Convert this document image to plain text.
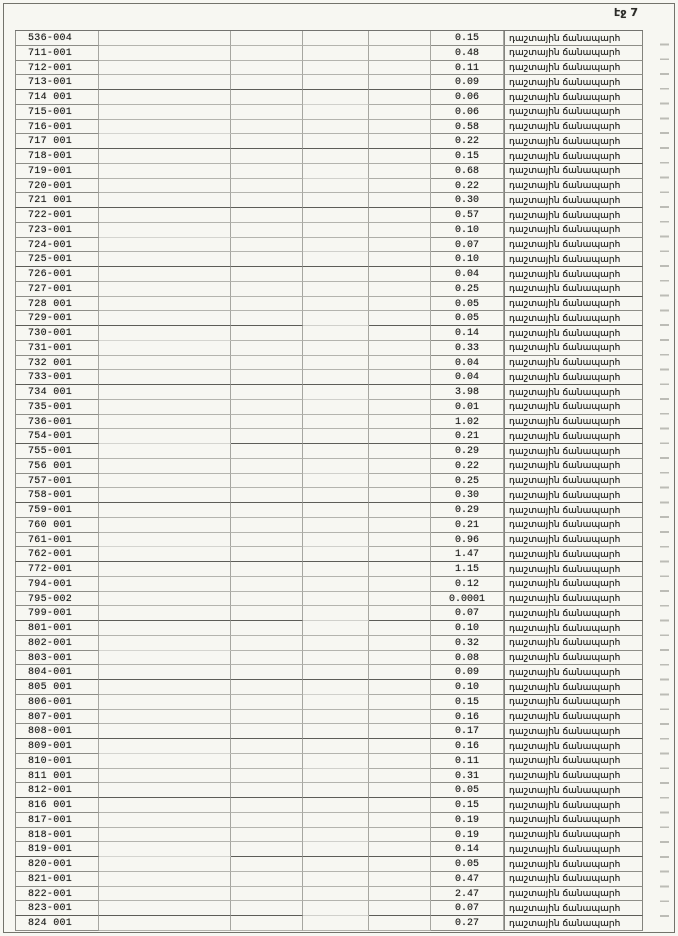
էջ 7
536-004	0.15	դաշտային ճանապարհ
711-001	0.48	դաշտային ճանապարհ
712-001	0.11	դաշտային ճանապարհ
713-001	0.09	դաշտային ճանապարհ
714 001	0.06	դաշտային ճանապարհ
715-001	0.06	դաշտային ճանապարհ
716-001	0.58	դաշտային ճանապարհ
717 001	0.22	դաշտային ճանապարհ
718-001	0.15	դաշտային ճանապարհ
719-001	0.68	դաշտային ճանապարհ
720-001	0.22	դաշտային ճանապարհ
721 001	0.30	դաշտային ճանապարհ
722-001	0.57	դաշտային ճանապարհ
723-001	0.10	դաշտային ճանապարհ
724-001	0.07	դաշտային ճանապարհ
725-001	0.10	դաշտային ճանապարհ
726-001	0.04	դաշտային ճանապարհ
727-001	0.25	դաշտային ճանապարհ
728 001	0.05	դաշտային ճանապարհ
729-001	0.05	դաշտային ճանապարհ
730-001	0.14	դաշտային ճանապարհ
731-001	0.33	դաշտային ճանապարհ
732 001	0.04	դաշտային ճանապարհ
733-001	0.04	դաշտային ճանապարհ
734 001	3.98	դաշտային ճանապարհ
735-001	0.01	դաշտային ճանապարհ
736-001	1.02	դաշտային ճանապարհ
754-001	0.21	դաշտային ճանապարհ
755-001	0.29	դաշտային ճանապարհ
756 001	0.22	դաշտային ճանապարհ
757-001	0.25	դաշտային ճանապարհ
758-001	0.30	դաշտային ճանապարհ
759-001	0.29	դաշտային ճանապարհ
760 001	0.21	դաշտային ճանապարհ
761-001	0.96	դաշտային ճանապարհ
762-001	1.47	դաշտային ճանապարհ
772-001	1.15	դաշտային ճանապարհ
794-001	0.12	դաշտային ճանապարհ
795-002	0.0001	դաշտային ճանապարհ
799-001	0.07	դաշտային ճանապարհ
801-001	0.10	դաշտային ճանապարհ
802-001	0.32	դաշտային ճանապարհ
803-001	0.08	դաշտային ճանապարհ
804-001	0.09	դաշտային ճանապարհ
805 001	0.10	դաշտային ճանապարհ
806-001	0.15	դաշտային ճանապարհ
807-001	0.16	դաշտային ճանապարհ
808-001	0.17	դաշտային ճանապարհ
809-001	0.16	դաշտային ճանապարհ
810-001	0.11	դաշտային ճանապարհ
811 001	0.31	դաշտային ճանապարհ
812-001	0.05	դաշտային ճանապարհ
816 001	0.15	դաշտային ճանապարհ
817-001	0.19	դաշտային ճանապարհ
818-001	0.19	դաշտային ճանապարհ
819-001	0.14	դաշտային ճանապարհ
820-001	0.05	դաշտային ճանապարհ
821-001	0.47	դաշտային ճանապարհ
822-001	2.47	դաշտային ճանապարհ
823-001	0.07	դաշտային ճանապարհ
824 001	0.27	դաշտային ճանապարհ
